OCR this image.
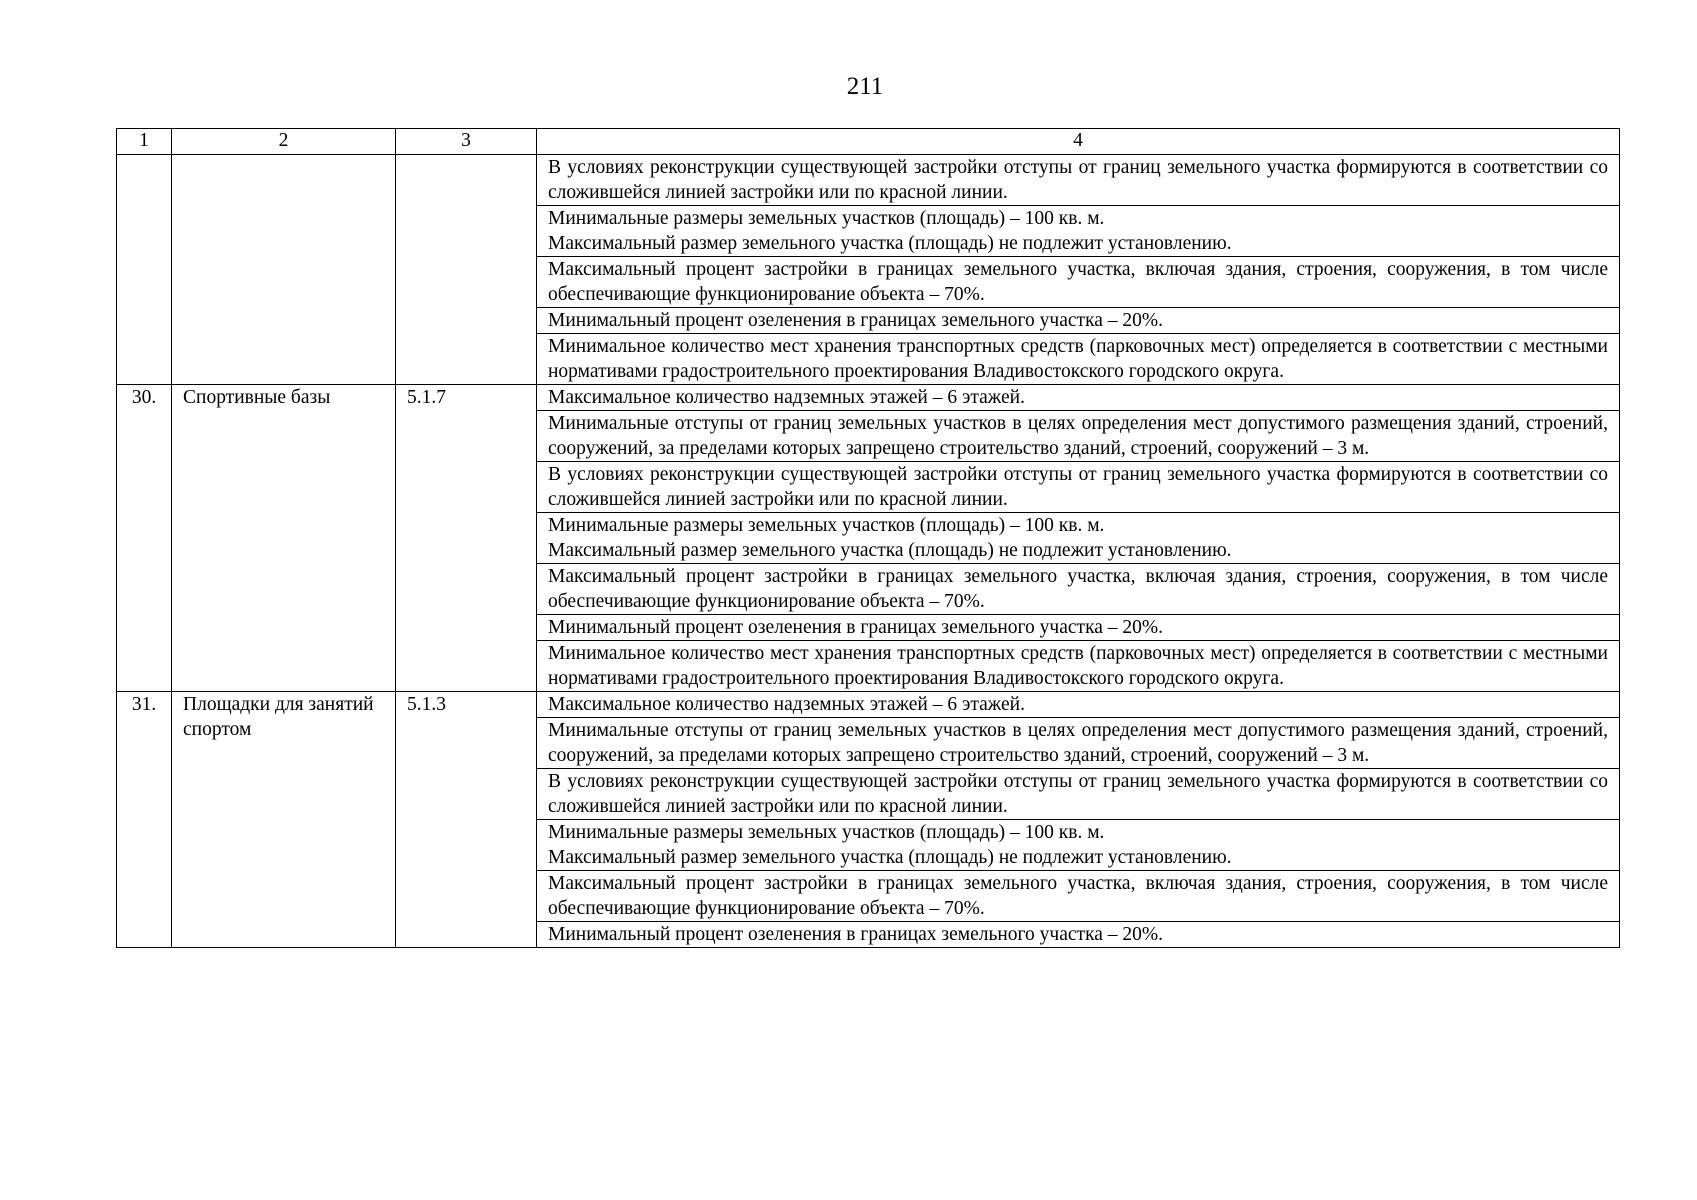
211
1	2	3	4
			В условиях реконструкции существующей застройки отступы от границ земельного участка формируются в соответствии со сложившейся линией застройки или по красной линии.

			Минимальные размеры земельных участков (площадь) – 100 кв. м.
Максимальный размер земельного участка (площадь) не подлежит установлению.

			Максимальный процент застройки в границах земельного участка, включая здания, строения, сооружения, в том числе обеспечивающие функционирование объекта – 70%.
			Минимальный процент озеленения в границах земельного участка – 20%.
			Минимальное количество мест хранения транспортных средств (парковочных мест) определяется в соответствии с местными нормативами градостроительного проектирования Владивостокского городского округа.
30.	Спортивные базы	5.1.7	Максимальное количество надземных этажей – 6 этажей.
			Минимальные отступы от границ земельных участков в целях определения мест допустимого размещения зданий, строений, сооружений, за пределами которых запрещено строительство зданий, строений, сооружений – 3 м.
			В условиях реконструкции существующей застройки отступы от границ земельного участка формируются в соответствии со сложившейся линией застройки или по красной линии.

			Минимальные размеры земельных участков (площадь) – 100 кв. м.
Максимальный размер земельного участка (площадь) не подлежит установлению.

			Максимальный процент застройки в границах земельного участка, включая здания, строения, сооружения, в том числе обеспечивающие функционирование объекта – 70%.
			Минимальный процент озеленения в границах земельного участка – 20%.
			Минимальное количество мест хранения транспортных средств (парковочных мест) определяется в соответствии с местными нормативами градостроительного проектирования Владивостокского городского округа.
31.	Площадки для занятий спортом	5.1.3	Максимальное количество надземных этажей – 6 этажей.
			Минимальные отступы от границ земельных участков в целях определения мест допустимого размещения зданий, строений, сооружений, за пределами которых запрещено строительство зданий, строений, сооружений – 3 м.
			В условиях реконструкции существующей застройки отступы от границ земельного участка формируются в соответствии со сложившейся линией застройки или по красной линии.

			Минимальные размеры земельных участков (площадь) – 100 кв. м.
Максимальный размер земельного участка (площадь) не подлежит установлению.

			Максимальный процент застройки в границах земельного участка, включая здания, строения, сооружения, в том числе обеспечивающие функционирование объекта – 70%.
			Минимальный процент озеленения в границах земельного участка – 20%.
